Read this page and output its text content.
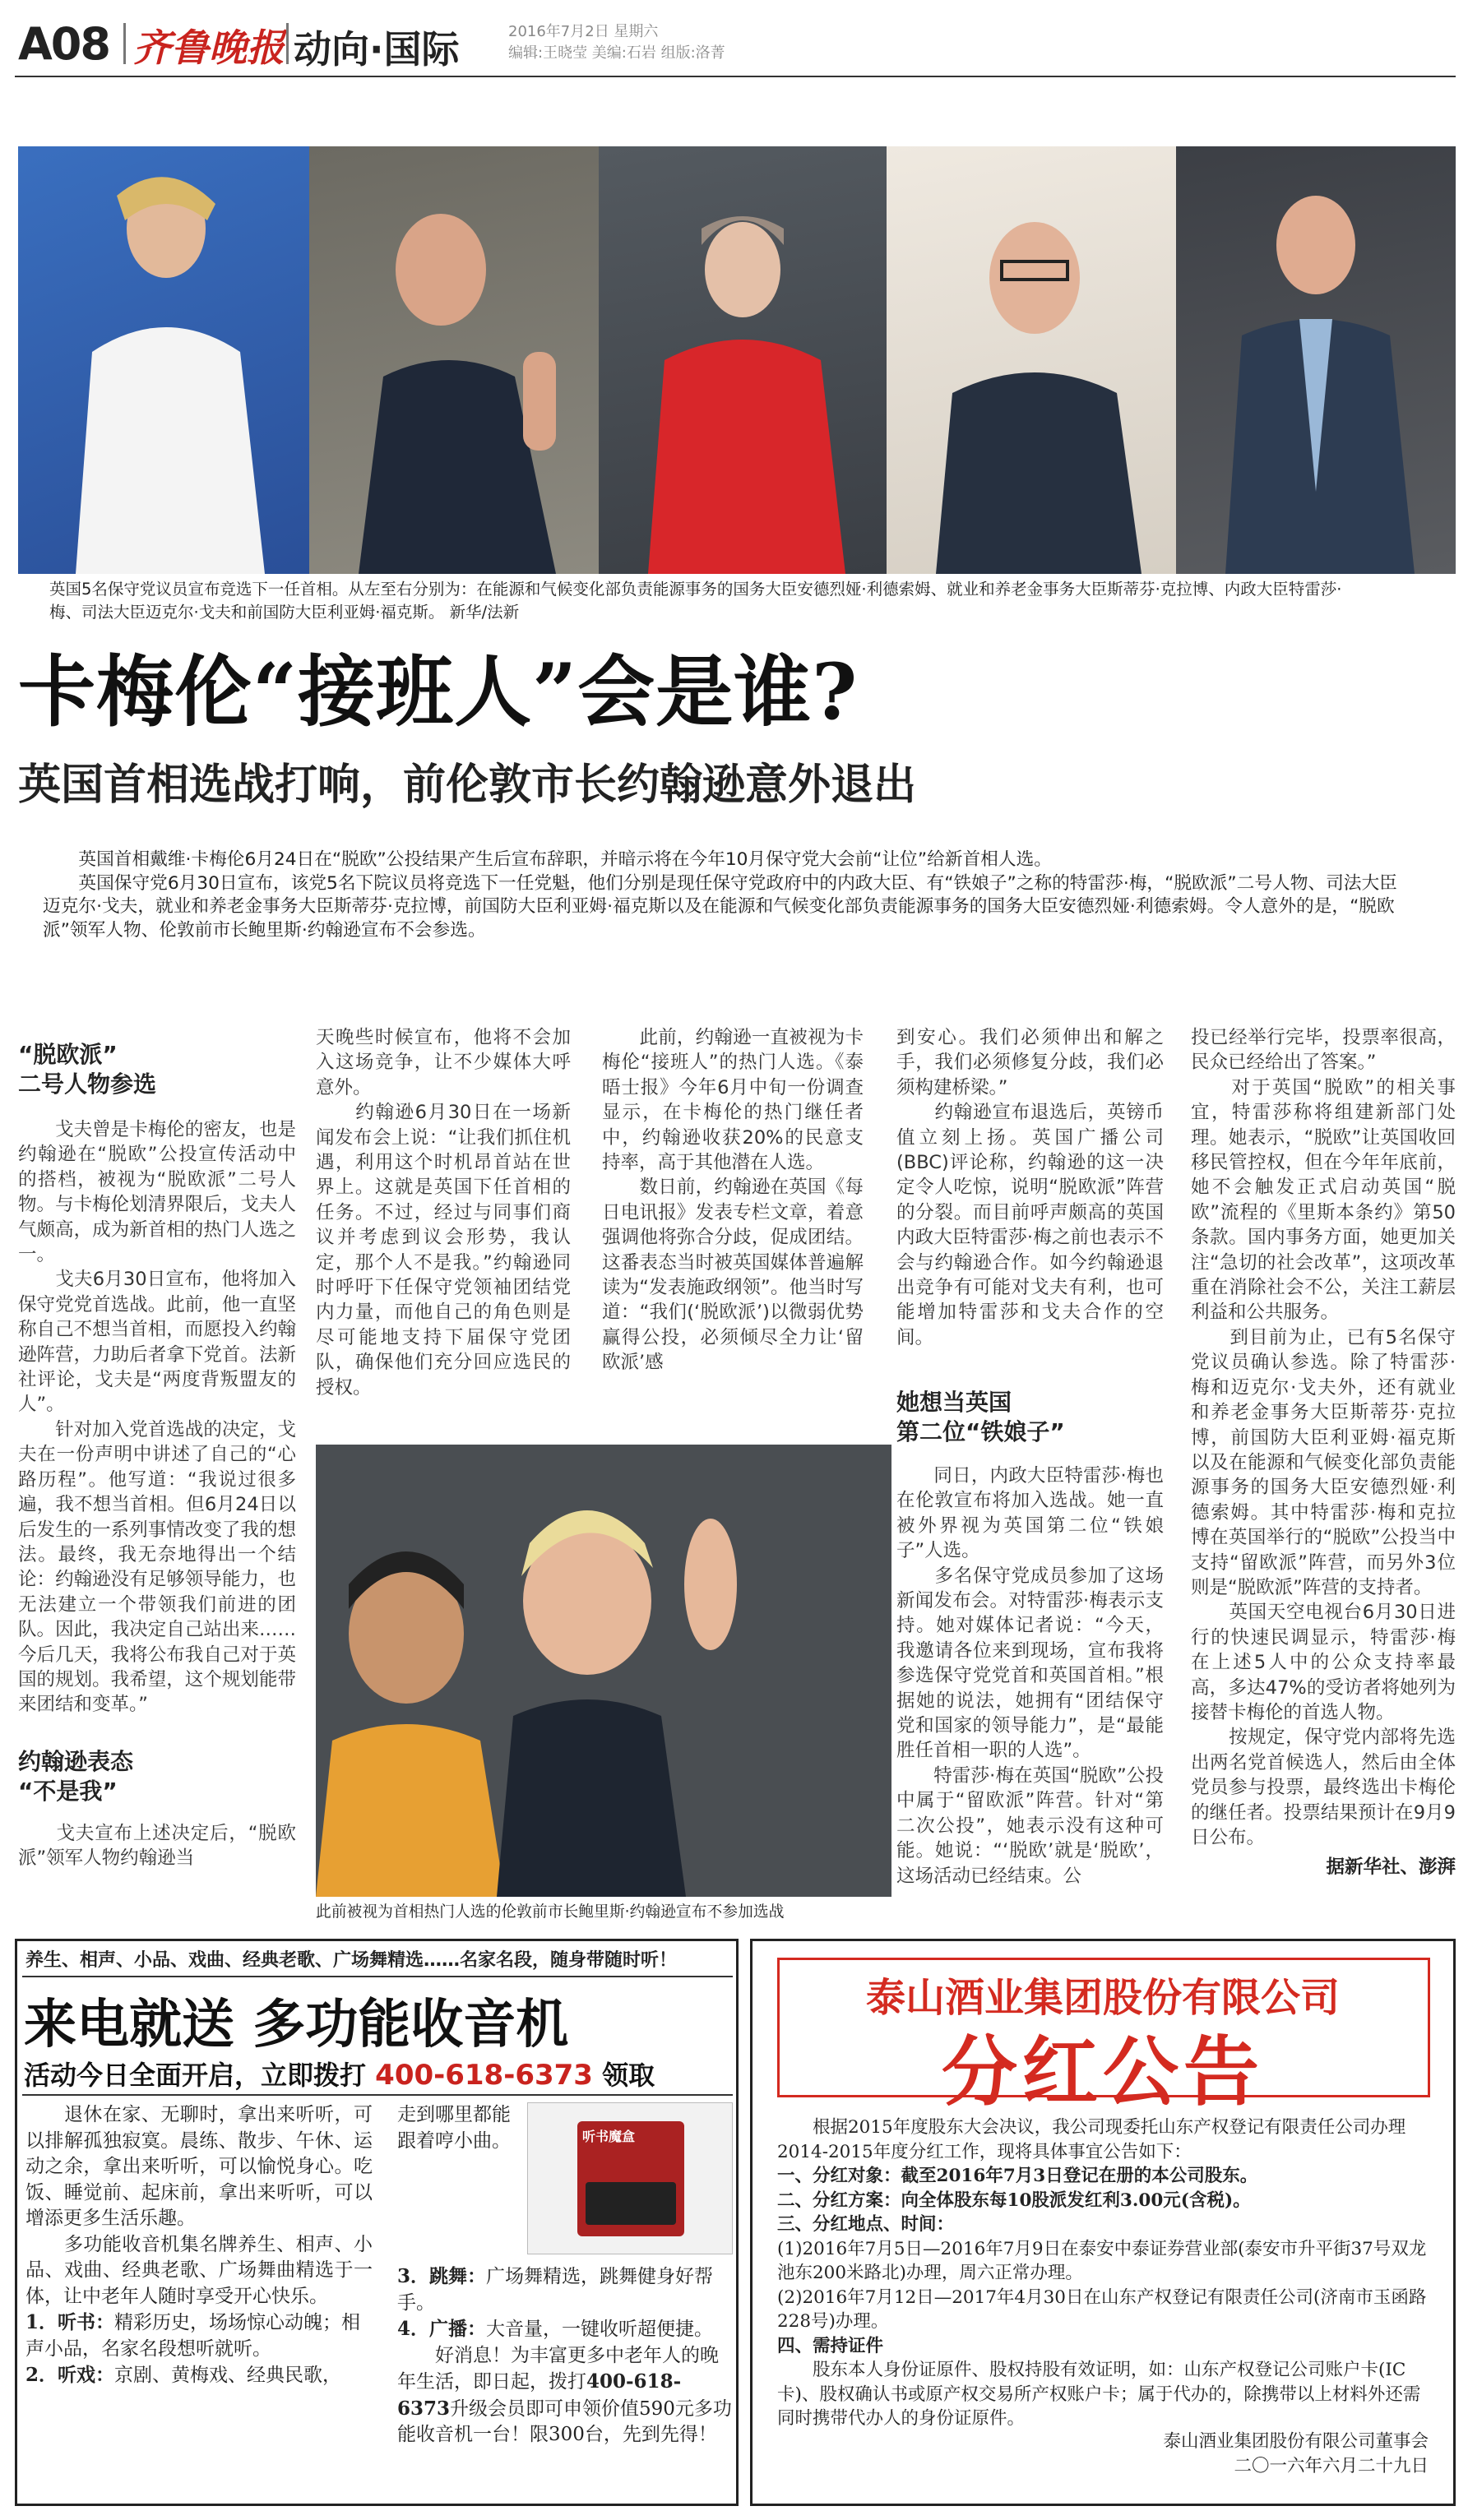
A08 齐鲁晚报 动向·国际	2016年7月2日 星期六
编辑:王晓莹 美编:石岩 组版:洛菁
英国5名保守党议员宣布竞选下一任首相。从左至右分别为：在能源和气候变化部负责能源事务的国务大臣安德烈娅·利德索姆、就业和养老金事务大臣斯蒂芬·克拉博、内政大臣特雷莎·
梅、司法大臣迈克尔·戈夫和前国防大臣利亚姆·福克斯。 新华/法新
卡梅伦“接班人”会是谁?
英国首相选战打响，前伦敦市长约翰逊意外退出
　　英国首相戴维·卡梅伦6月24日在“脱欧”公投结果产生后宣布辞职，并暗示将在今年10月保守党大会前“让位”给新首相人选。
　　英国保守党6月30日宣布，该党5名下院议员将竞选下一任党魁，他们分别是现任保守党政府中的内政大臣、有“铁娘子”之称的特雷莎·梅，“脱欧派”二号人物、司法大臣迈克尔·戈夫，就业和养老金事务大臣斯蒂芬·克拉博，前国防大臣利亚姆·福克斯以及在能源和气候变化部负责能源事务的国务大臣安德烈娅·利德索姆。令人意外的是，“脱欧派”领军人物、伦敦前市长鲍里斯·约翰逊宣布不会参选。
“脱欧派”
二号人物参选
　　戈夫曾是卡梅伦的密友，也是约翰逊在“脱欧”公投宣传活动中的搭档，被视为“脱欧派”二号人物。与卡梅伦划清界限后，戈夫人气颇高，成为新首相的热门人选之一。
　　戈夫6月30日宣布，他将加入保守党党首选战。此前，他一直坚称自己不想当首相，而愿投入约翰逊阵营，力助后者拿下党首。法新社评论，戈夫是“两度背叛盟友的人”。
　　针对加入党首选战的决定，戈夫在一份声明中讲述了自己的“心路历程”。他写道：“我说过很多遍，我不想当首相。但6月24日以后发生的一系列事情改变了我的想法。最终，我无奈地得出一个结论：约翰逊没有足够领导能力，也无法建立一个带领我们前进的团队。因此，我决定自己站出来……今后几天，我将公布我自己对于英国的规划。我希望，这个规划能带来团结和变革。”
约翰逊表态
“不是我”
　　戈夫宣布上述决定后，“脱欧派”领军人物约翰逊当
天晚些时候宣布，他将不会加入这场竞争，让不少媒体大呼意外。
　　约翰逊6月30日在一场新闻发布会上说：“让我们抓住机遇，利用这个时机昂首站在世界上。这就是英国下任首相的任务。不过，经过与同事们商议并考虑到议会形势，我认定，那个人不是我。”约翰逊同时呼吁下任保守党领袖团结党内力量，而他自己的角色则是尽可能地支持下届保守党团队，确保他们充分回应选民的授权。
　　此前，约翰逊一直被视为卡梅伦“接班人”的热门人选。《泰晤士报》今年6月中旬一份调查显示，在卡梅伦的热门继任者中，约翰逊收获20%的民意支持率，高于其他潜在人选。
　　数日前，约翰逊在英国《每日电讯报》发表专栏文章，着意强调他将弥合分歧，促成团结。这番表态当时被英国媒体普遍解读为“发表施政纲领”。他当时写道：“我们(‘脱欧派’)以微弱优势赢得公投，必须倾尽全力让‘留欧派’感
到安心。我们必须伸出和解之手，我们必须修复分歧，我们必须构建桥梁。”
　　约翰逊宣布退选后，英镑币值立刻上扬。英国广播公司(BBC)评论称，约翰逊的这一决定令人吃惊，说明“脱欧派”阵营的分裂。而目前呼声颇高的英国内政大臣特雷莎·梅之前也表示不会与约翰逊合作。如今约翰逊退出竞争有可能对戈夫有利，也可能增加特雷莎和戈夫合作的空间。
她想当英国
第二位“铁娘子”
　　同日，内政大臣特雷莎·梅也在伦敦宣布将加入选战。她一直被外界视为英国第二位“铁娘子”人选。
　　多名保守党成员参加了这场新闻发布会。对特雷莎·梅表示支持。她对媒体记者说：“今天，我邀请各位来到现场，宣布我将参选保守党党首和英国首相。”根据她的说法，她拥有“团结保守党和国家的领导能力”，是“最能胜任首相一职的人选”。
　　特雷莎·梅在英国“脱欧”公投中属于“留欧派”阵营。针对“第二次公投”，她表示没有这种可能。她说：“‘脱欧’就是‘脱欧’，这场活动已经结束。公
投已经举行完毕，投票率很高，民众已经给出了答案。”
　　对于英国“脱欧”的相关事宜，特雷莎称将组建新部门处理。她表示，“脱欧”让英国收回移民管控权，但在今年年底前，她不会触发正式启动英国“脱欧”流程的《里斯本条约》第50条款。国内事务方面，她更加关注“急切的社会改革”，这项改革重在消除社会不公，关注工薪层利益和公共服务。
　　到目前为止，已有5名保守党议员确认参选。除了特雷莎·梅和迈克尔·戈夫外，还有就业和养老金事务大臣斯蒂芬·克拉博，前国防大臣利亚姆·福克斯以及在能源和气候变化部负责能源事务的国务大臣安德烈娅·利德索姆。其中特雷莎·梅和克拉博在英国举行的“脱欧”公投当中支持“留欧派”阵营，而另外3位则是“脱欧派”阵营的支持者。
　　英国天空电视台6月30日进行的快速民调显示，特雷莎·梅在上述5人中的公众支持率最高，多达47%的受访者将她列为接替卡梅伦的首选人物。
　　按规定，保守党内部将先选出两名党首候选人，然后由全体党员参与投票，最终选出卡梅伦的继任者。投票结果预计在9月9日公布。
据新华社、澎湃
此前被视为首相热门人选的伦敦前市长鲍里斯·约翰逊宣布不参加选战
养生、相声、小品、戏曲、经典老歌、广场舞精选……名家名段，随身带随时听！
来电就送 多功能收音机
活动今日全面开启，立即拨打 400-618-6373 领取
　　退休在家、无聊时，拿出来听听，可以排解孤独寂寞。晨练、散步、午休、运动之余，拿出来听听，可以愉悦身心。吃饭、睡觉前、起床前，拿出来听听，可以增添更多生活乐趣。
　　多功能收音机集名牌养生、相声、小品、戏曲、经典老歌、广场舞曲精选于一体，让中老年人随时享受开心快乐。
1．听书：精彩历史，场场惊心动魄；相声小品，名家名段想听就听。
2．听戏：京剧、黄梅戏、经典民歌，
走到哪里都能跟着哼小曲。	听书魔盒
3．跳舞：广场舞精选，跳舞健身好帮手。
4．广播：大音量，一键收听超便捷。
　　好消息！为丰富更多中老年人的晚年生活，即日起，拨打400-618-6373升级会员即可申领价值590元多功能收音机一台！限300台，先到先得！
泰山酒业集团股份有限公司
分红公告
　　根据2015年度股东大会决议，我公司现委托山东产权登记有限责任公司办理2014-2015年度分红工作，现将具体事宜公告如下：
一、分红对象：截至2016年7月3日登记在册的本公司股东。
二、分红方案：向全体股东每10股派发红利3.00元(含税)。
三、分红地点、时间：
(1)2016年7月5日—2016年7月9日在泰安中泰证券营业部(泰安市升平街37号双龙池东200米路北)办理，周六正常办理。
(2)2016年7月12日—2017年4月30日在山东产权登记有限责任公司(济南市玉函路228号)办理。
四、需持证件
　　股东本人身份证原件、股权持股有效证明，如：山东产权登记公司账户卡(IC卡)、股权确认书或原产权交易所产权账户卡；属于代办的，除携带以上材料外还需同时携带代办人的身份证原件。
泰山酒业集团股份有限公司董事会
二〇一六年六月二十九日
